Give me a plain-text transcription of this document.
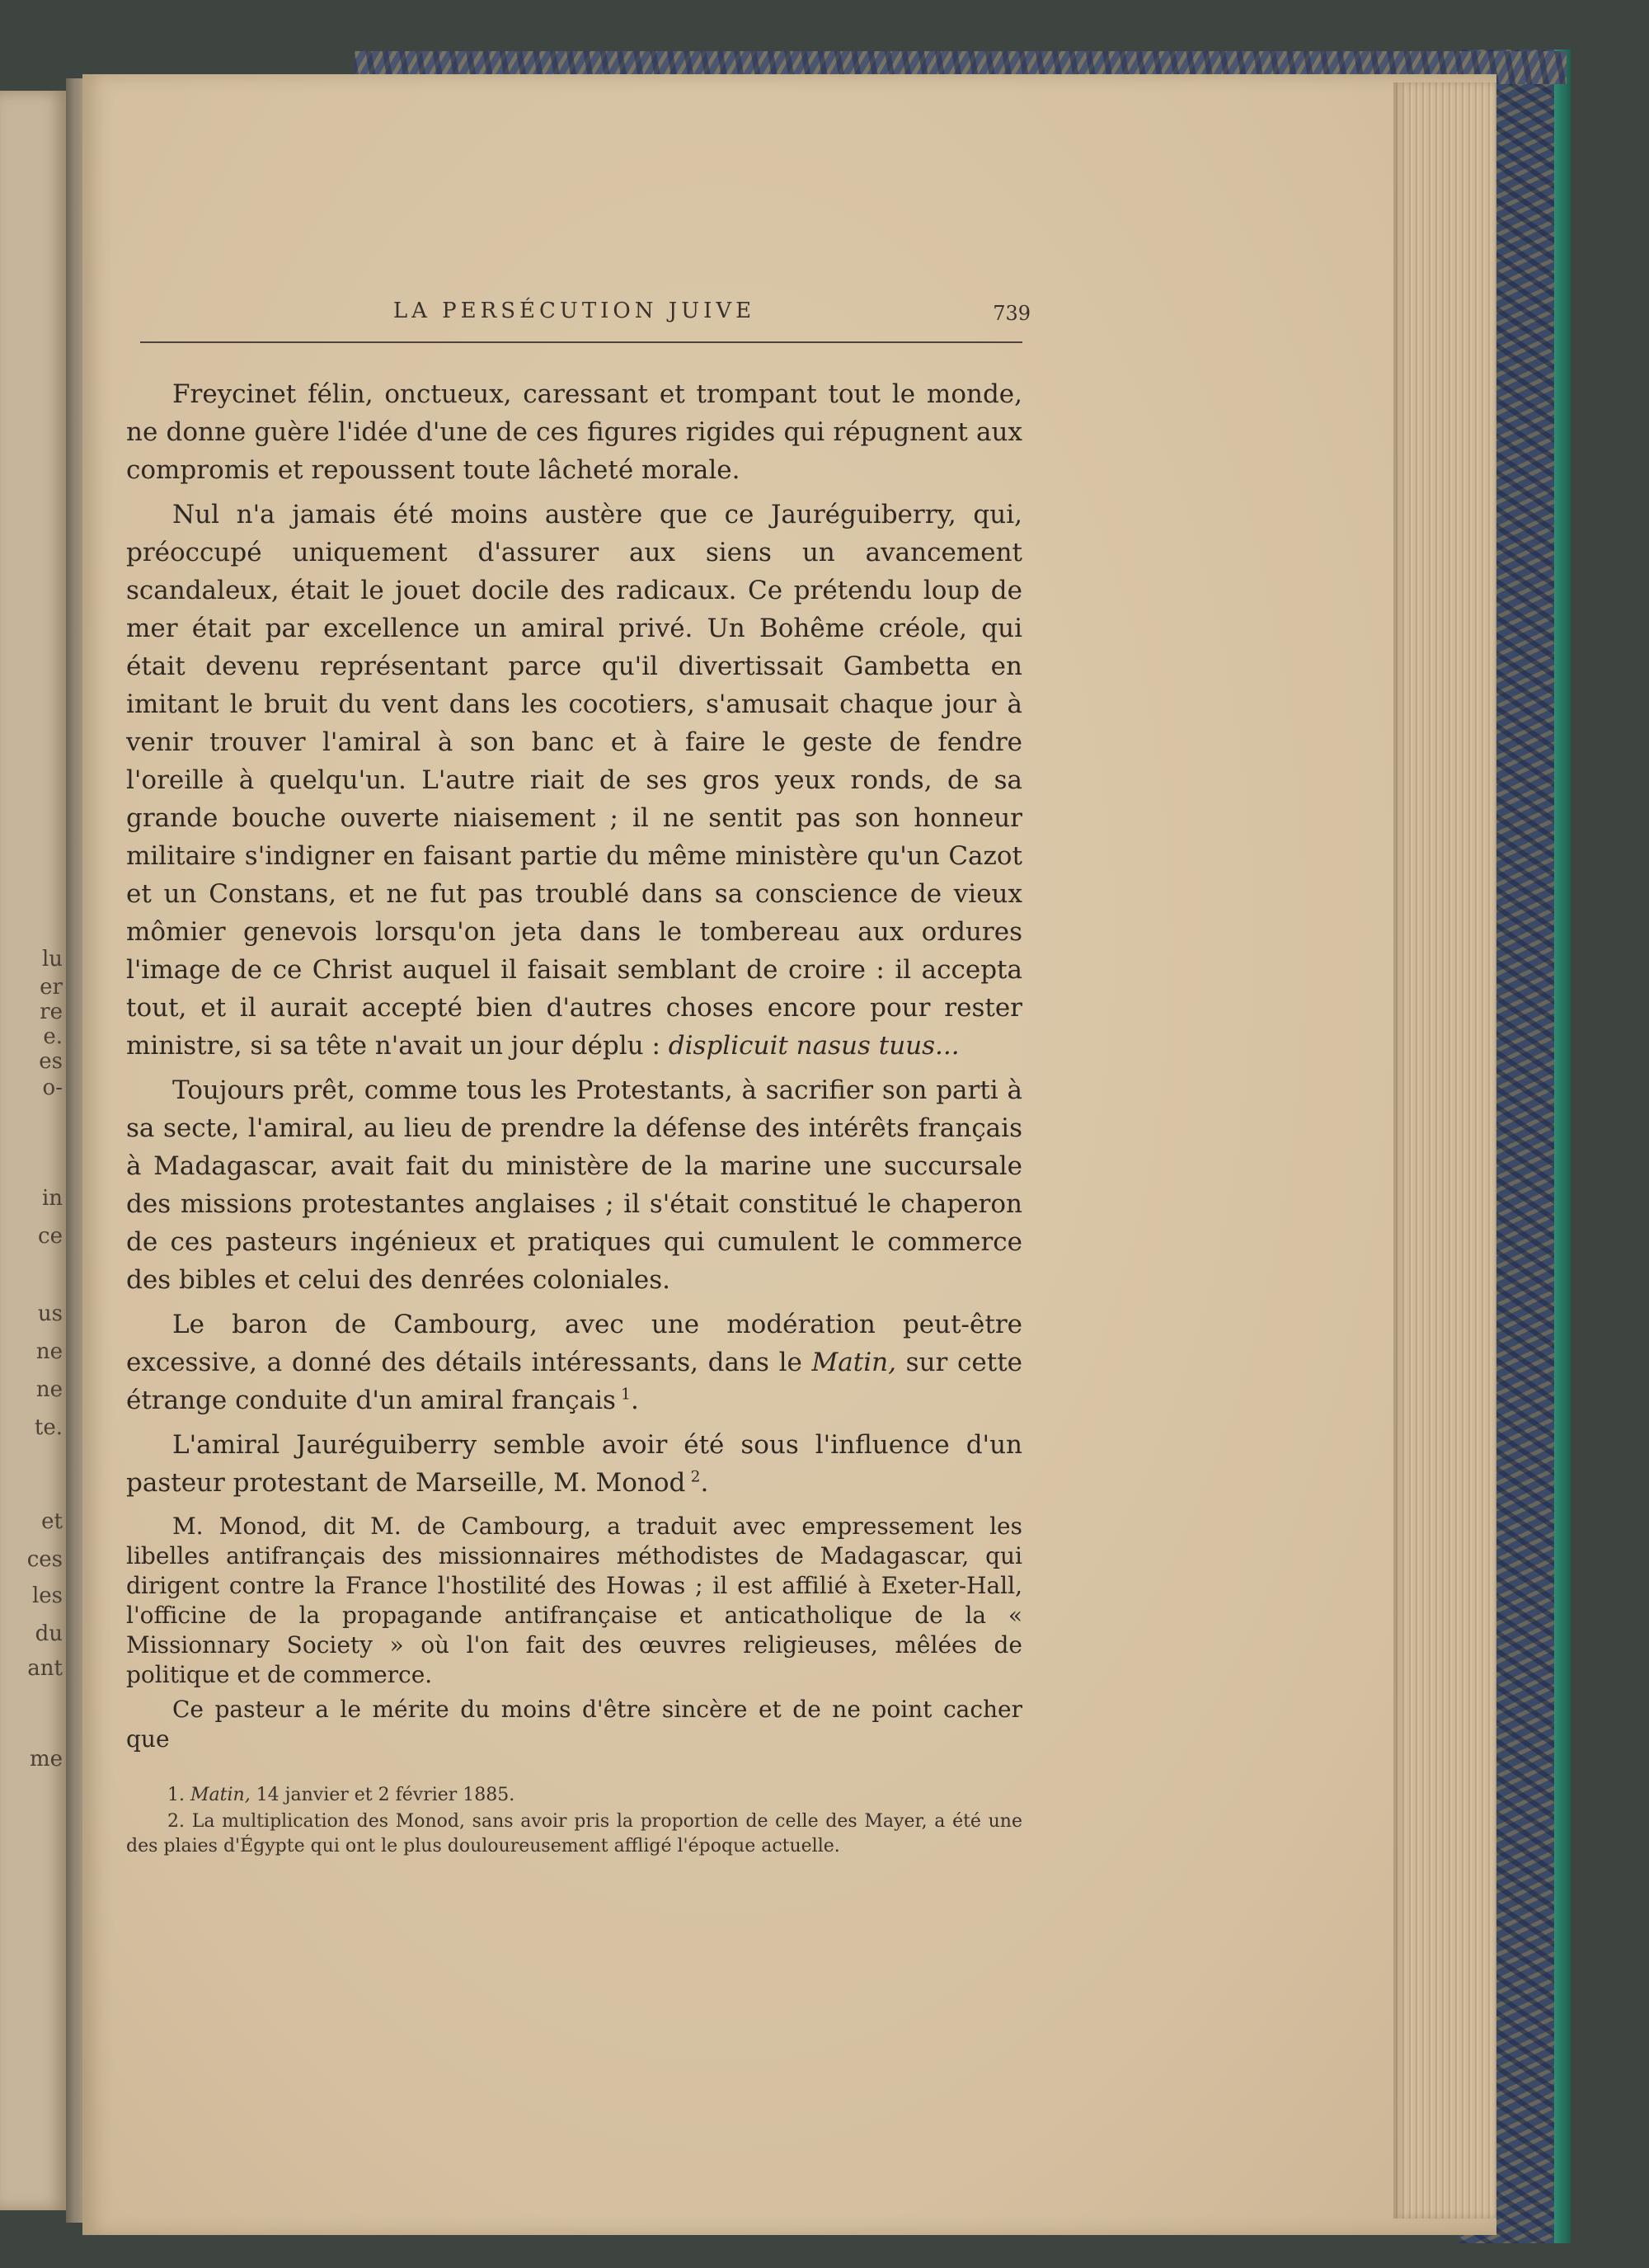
lu
er
re
e.
es
o-
in
ce
us
ne
ne
te.
et
ces
les
du
ant
me
LA PERSÉCUTION JUIVE	739

Freycinet félin, onctueux, caressant et trompant tout le monde, ne donne guère l'idée d'une de ces figures rigides qui répugnent aux compromis et repoussent toute lâcheté morale.

Nul n'a jamais été moins austère que ce Jauréguiberry, qui, préoccupé uniquement d'assurer aux siens un avancement scandaleux, était le jouet docile des radicaux. Ce prétendu loup de mer était par excellence un amiral privé. Un Bohême créole, qui était devenu représentant parce qu'il divertissait Gambetta en imitant le bruit du vent dans les cocotiers, s'amusait chaque jour à venir trouver l'amiral à son banc et à faire le geste de fendre l'oreille à quelqu'un. L'autre riait de ses gros yeux ronds, de sa grande bouche ouverte niaisement ; il ne sentit pas son honneur militaire s'indigner en faisant partie du même ministère qu'un Cazot et un Constans, et ne fut pas troublé dans sa conscience de vieux mômier genevois lorsqu'on jeta dans le tombereau aux ordures l'image de ce Christ auquel il faisait semblant de croire : il accepta tout, et il aurait accepté bien d'autres choses encore pour rester ministre, si sa tête n'avait un jour déplu : displicuit nasus tuus...

Toujours prêt, comme tous les Protestants, à sacrifier son parti à sa secte, l'amiral, au lieu de prendre la défense des intérêts français à Madagascar, avait fait du ministère de la marine une succursale des missions protestantes anglaises ; il s'était constitué le chaperon de ces pasteurs ingénieux et pratiques qui cumulent le commerce des bibles et celui des denrées coloniales.

Le baron de Cambourg, avec une modération peut-être excessive, a donné des détails intéressants, dans le Matin, sur cette étrange conduite d'un amiral français  $^1$.

L'amiral Jauréguiberry semble avoir été sous l'influence d'un pasteur protestant de Marseille, M. Monod  $^2$.

M. Monod, dit M. de Cambourg, a traduit avec empressement les libelles antifrançais des missionnaires méthodistes de Madagascar, qui dirigent contre la France l'hostilité des Howas ; il est affilié à Exeter-Hall, l'officine de la propagande antifrançaise et anticatholique de la « Missionnary Society » où l'on fait des œuvres religieuses, mêlées de politique et de commerce.

Ce pasteur a le mérite du moins d'être sincère et de ne point cacher que

1. Matin, 14 janvier et 2 février 1885.

2. La multiplication des Monod, sans avoir pris la proportion de celle des Mayer, a été une des plaies d'Égypte qui ont le plus douloureusement affligé l'époque actuelle.
